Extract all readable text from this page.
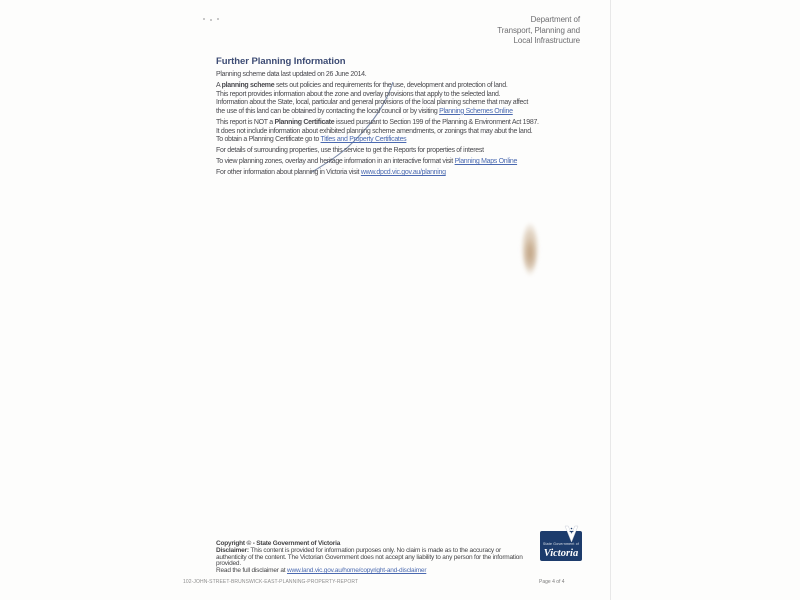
Department of
Transport, Planning and
Local Infrastructure
Further Planning Information
Planning scheme data last updated on 26 June 2014.
A planning scheme sets out policies and requirements for the use, development and protection of land.
This report provides information about the zone and overlay provisions that apply to the selected land.
Information about the State, local, particular and general provisions of the local planning scheme that may affect
the use of this land can be obtained by contacting the local council or by visiting Planning Schemes Online
This report is NOT a Planning Certificate issued pursuant to Section 199 of the Planning & Environment Act 1987.
It does not include information about exhibited planning scheme amendments, or zonings that may abut the land.
To obtain a Planning Certificate go to Titles and Property Certificates
For details of surrounding properties, use this service to get the Reports for properties of interest
To view planning zones, overlay and heritage information in an interactive format visit Planning Maps Online
For other information about planning in Victoria visit www.dpcd.vic.gov.au/planning
Copyright © - State Government of Victoria
Disclaimer: This content is provided for information purposes only. No claim is made as to the accuracy or authenticity of the content. The Victorian Government does not accept any liability to any person for the information provided.
Read the full disclaimer at www.land.vic.gov.au/home/copyright-and-disclaimer
102-JOHN-STREET-BRUNSWICK-EAST-PLANNING-PROPERTY-REPORT	Page 4 of 4
State Government of
Victoria
